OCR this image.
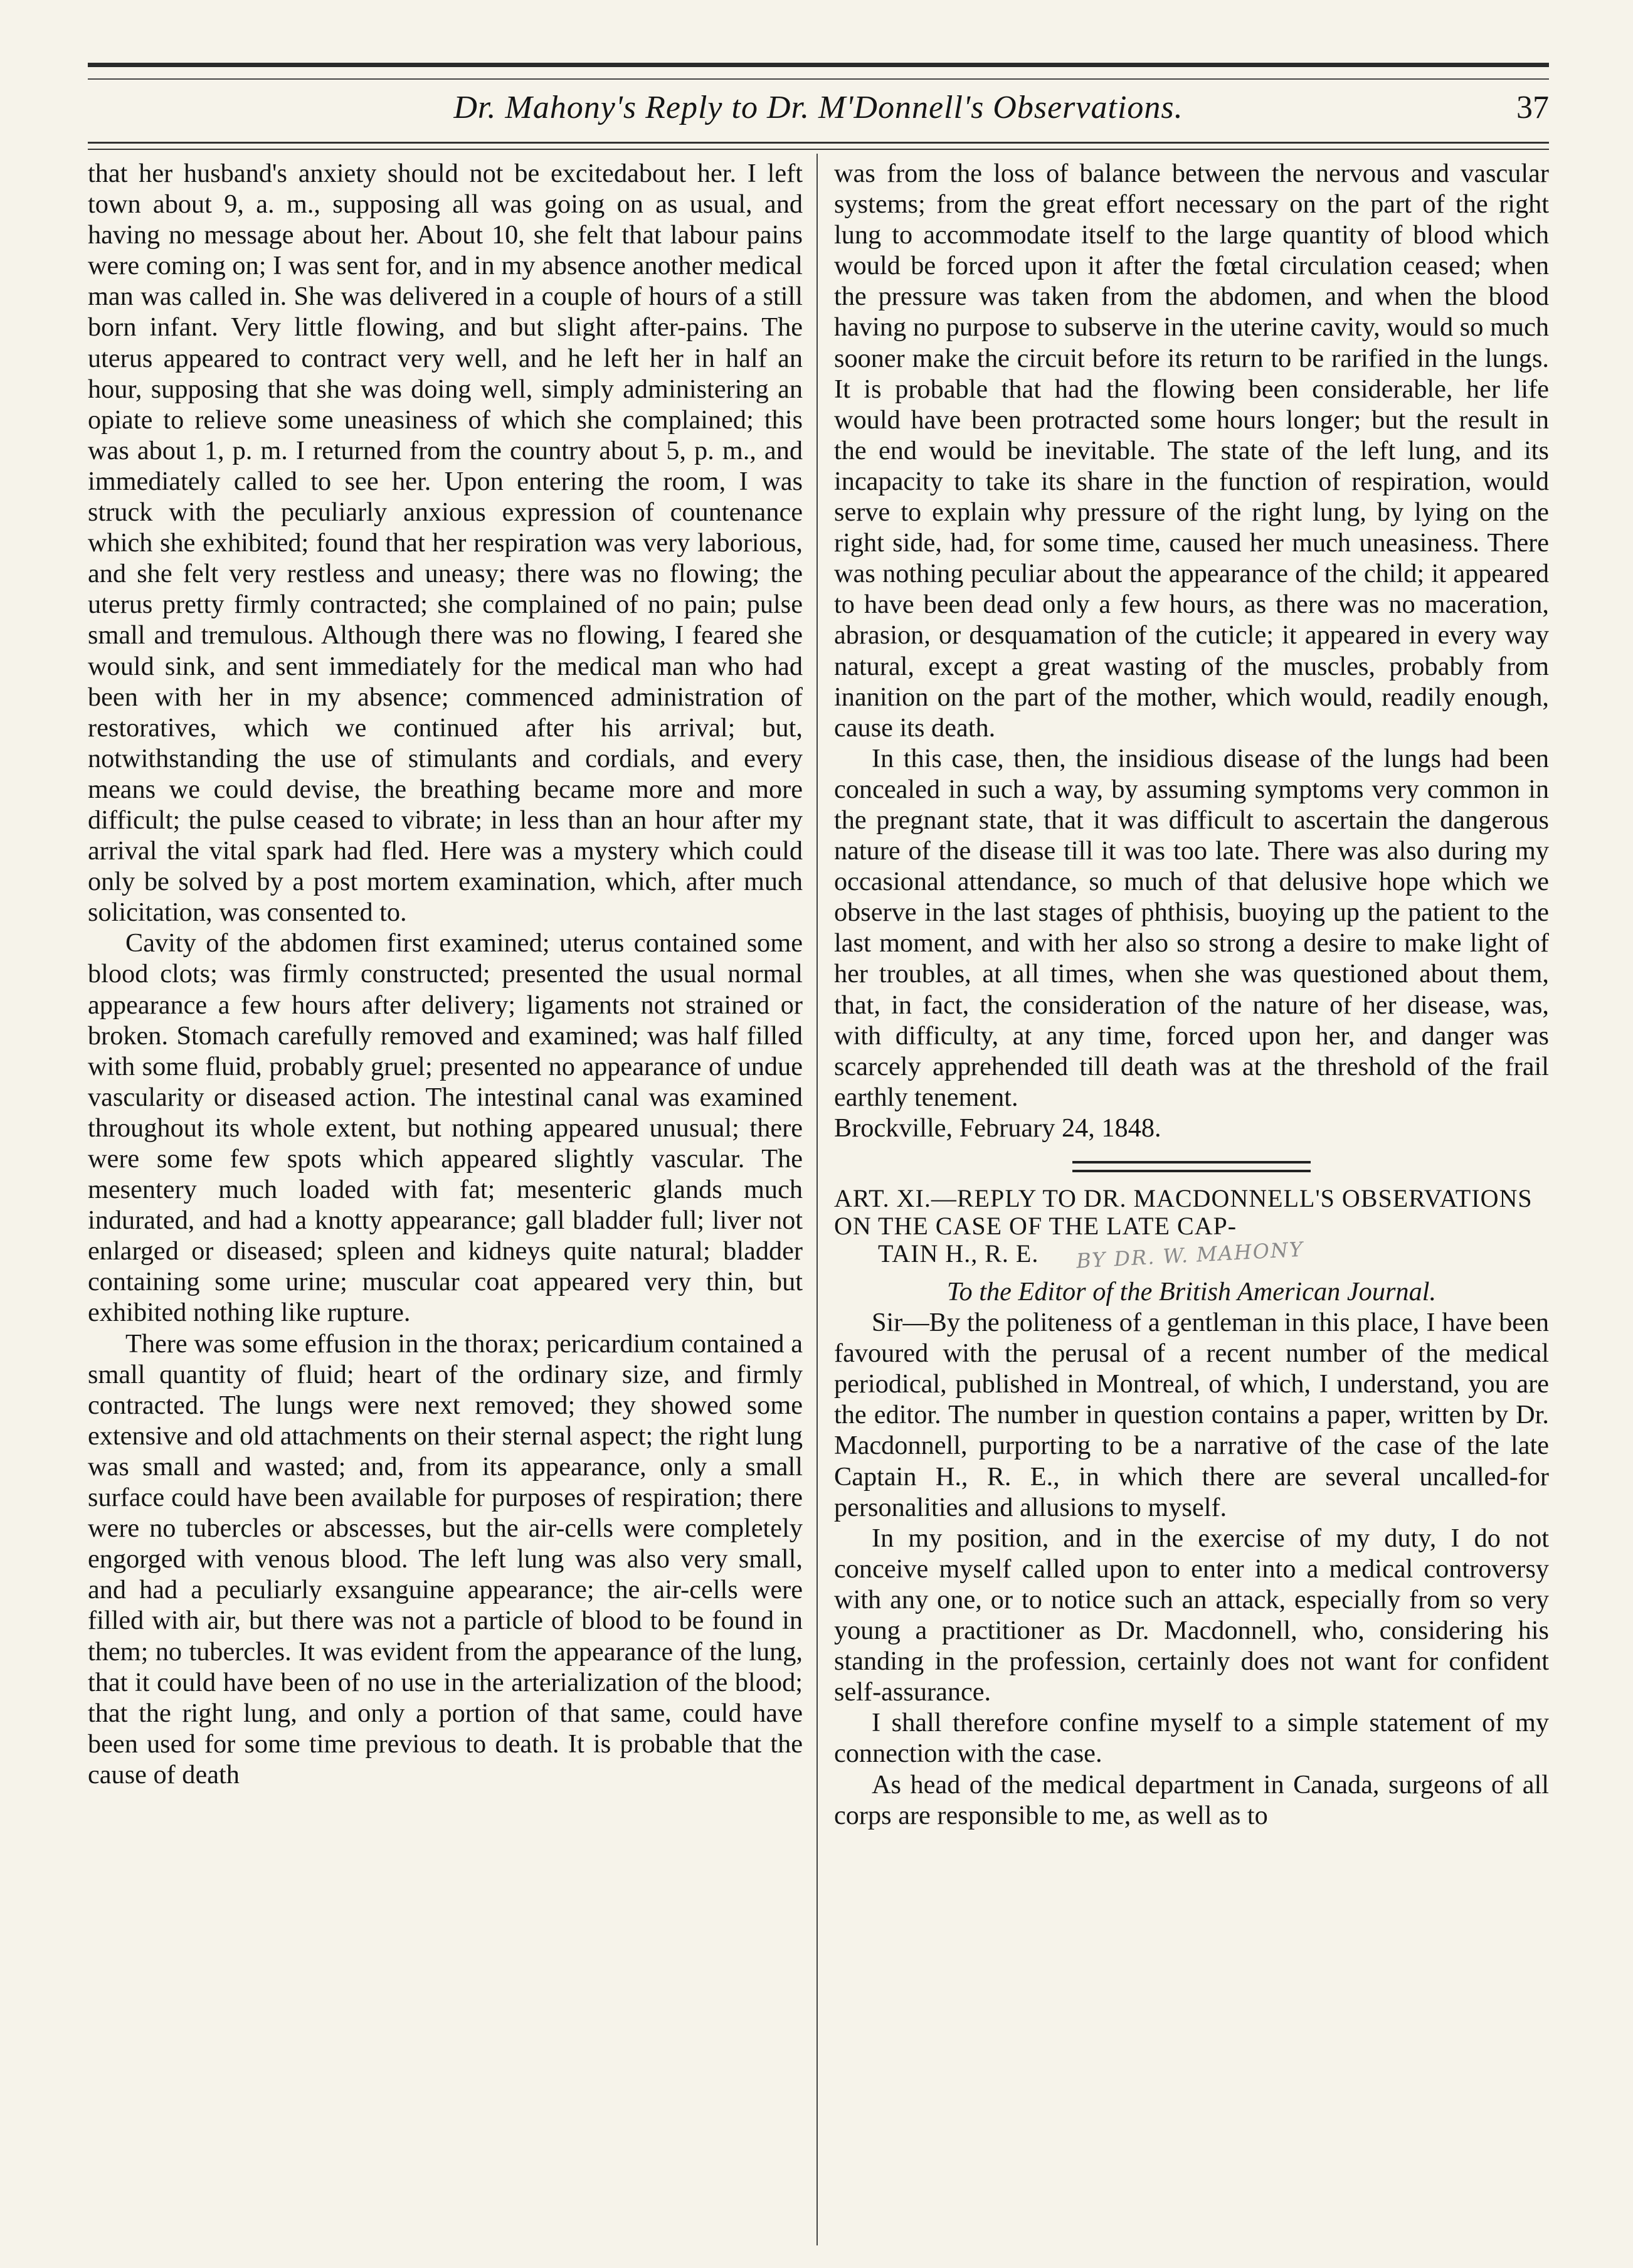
Dr. Mahony's Reply to Dr. M'Donnell's Observations.	37

that her husband's anxiety should not be excitedabout her. I left town about 9, a. m., supposing all was going on as usual, and having no message about her. About 10, she felt that labour pains were coming on; I was sent for, and in my absence another medical man was called in. She was delivered in a couple of hours of a still born infant. Very little flowing, and but slight after-pains. The uterus appeared to contract very well, and he left her in half an hour, supposing that she was doing well, simply administering an opiate to relieve some uneasiness of which she complained; this was about 1, p. m. I returned from the country about 5, p. m., and immediately called to see her. Upon entering the room, I was struck with the peculiarly anxious expression of countenance which she exhibited; found that her respiration was very laborious, and she felt very restless and uneasy; there was no flowing; the uterus pretty firmly contracted; she complained of no pain; pulse small and tremulous. Although there was no flowing, I feared she would sink, and sent immediately for the medical man who had been with her in my absence; commenced administration of restoratives, which we continued after his arrival; but, notwithstanding the use of stimulants and cordials, and every means we could devise, the breathing became more and more difficult; the pulse ceased to vibrate; in less than an hour after my arrival the vital spark had fled. Here was a mystery which could only be solved by a post mortem examination, which, after much solicitation, was consented to.

Cavity of the abdomen first examined; uterus contained some blood clots; was firmly constructed; presented the usual normal appearance a few hours after delivery; ligaments not strained or broken. Stomach carefully removed and examined; was half filled with some fluid, probably gruel; presented no appearance of undue vascularity or diseased action. The intestinal canal was examined throughout its whole extent, but nothing appeared unusual; there were some few spots which appeared slightly vascular. The mesentery much loaded with fat; mesenteric glands much indurated, and had a knotty appearance; gall bladder full; liver not enlarged or diseased; spleen and kidneys quite natural; bladder containing some urine; muscular coat appeared very thin, but exhibited nothing like rupture.

There was some effusion in the thorax; pericardium contained a small quantity of fluid; heart of the ordinary size, and firmly contracted. The lungs were next removed; they showed some extensive and old attachments on their sternal aspect; the right lung was small and wasted; and, from its appearance, only a small surface could have been available for purposes of respiration; there were no tubercles or abscesses, but the air-cells were completely engorged with venous blood. The left lung was also very small, and had a peculiarly exsanguine appearance; the air-cells were filled with air, but there was not a particle of blood to be found in them; no tubercles. It was evident from the appearance of the lung, that it could have been of no use in the arterialization of the blood; that the right lung, and only a portion of that same, could have been used for some time previous to death. It is probable that the cause of death

was from the loss of balance between the nervous and vascular systems; from the great effort necessary on the part of the right lung to accommodate itself to the large quantity of blood which would be forced upon it after the fœtal circulation ceased; when the pressure was taken from the abdomen, and when the blood having no purpose to subserve in the uterine cavity, would so much sooner make the circuit before its return to be rarified in the lungs. It is probable that had the flowing been considerable, her life would have been protracted some hours longer; but the result in the end would be inevitable. The state of the left lung, and its incapacity to take its share in the function of respiration, would serve to explain why pressure of the right lung, by lying on the right side, had, for some time, caused her much uneasiness. There was nothing peculiar about the appearance of the child; it appeared to have been dead only a few hours, as there was no maceration, abrasion, or desquamation of the cuticle; it appeared in every way natural, except a great wasting of the muscles, probably from inanition on the part of the mother, which would, readily enough, cause its death.

In this case, then, the insidious disease of the lungs had been concealed in such a way, by assuming symptoms very common in the pregnant state, that it was difficult to ascertain the dangerous nature of the disease till it was too late. There was also during my occasional attendance, so much of that delusive hope which we observe in the last stages of phthisis, buoying up the patient to the last moment, and with her also so strong a desire to make light of her troubles, at all times, when she was questioned about them, that, in fact, the consideration of the nature of her disease, was, with difficulty, at any time, forced upon her, and danger was scarcely apprehended till death was at the threshold of the frail earthly tenement.

Brockville, February 24, 1848.

ART. XI.—REPLY TO DR. MACDONNELL'S OBSERVATIONS ON THE CASE OF THE LATE CAP-
TAIN H., R. E. BY DR. W. MAHONY

To the Editor of the British American Journal.

Sir—By the politeness of a gentleman in this place, I have been favoured with the perusal of a recent number of the medical periodical, published in Montreal, of which, I understand, you are the editor. The number in question contains a paper, written by Dr. Macdonnell, purporting to be a narrative of the case of the late Captain H., R. E., in which there are several uncalled-for personalities and allusions to myself.

In my position, and in the exercise of my duty, I do not conceive myself called upon to enter into a medical controversy with any one, or to notice such an attack, especially from so very young a practitioner as Dr. Macdonnell, who, considering his standing in the profession, certainly does not want for confident self-assurance.

I shall therefore confine myself to a simple statement of my connection with the case.

As head of the medical department in Canada, surgeons of all corps are responsible to me, as well as to
